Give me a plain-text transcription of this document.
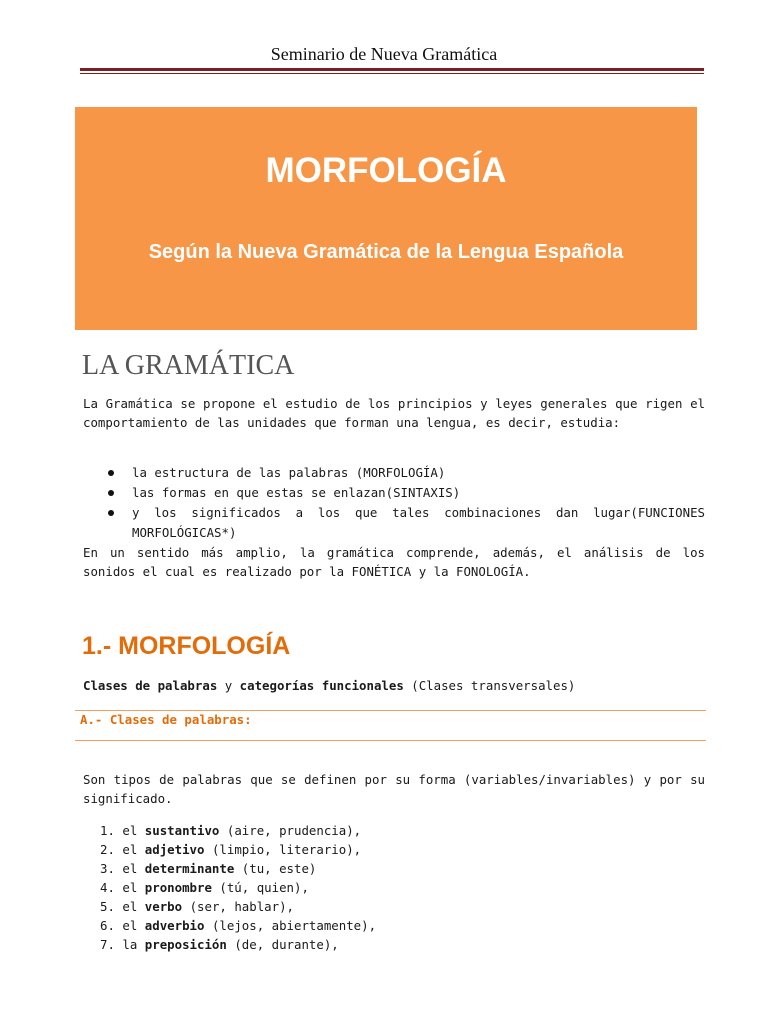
Seminario de Nueva Gramática
MORFOLOGÍA
Según la Nueva Gramática de la Lengua Española
LA GRAMÁTICA

La Gramática se propone el estudio de los principios y leyes generales que rigen el comportamiento de las unidades que forman una lengua, es decir, estudia:

la estructura de las palabras (MORFOLOGÍA)
las formas en que estas se enlazan(SINTAXIS)
y los significados a los que tales combinaciones dan lugar(FUNCIONES MORFOLÓGICAS*)

En un sentido más amplio, la gramática comprende, además, el análisis de los sonidos el cual es realizado por la FONÉTICA y la FONOLOGÍA.

1.- MORFOLOGÍA
Clases de palabras y categorías funcionales (Clases transversales)
A.- Clases de palabras:

Son tipos de palabras que se definen por su forma (variables/invariables) y por su significado.

1. el sustantivo (aire, prudencia),
2. el adjetivo (limpio, literario),
3. el determinante (tu, este)
4. el pronombre (tú, quien),
5. el verbo (ser, hablar),
6. el adverbio (lejos, abiertamente),
7. la preposición (de, durante),
